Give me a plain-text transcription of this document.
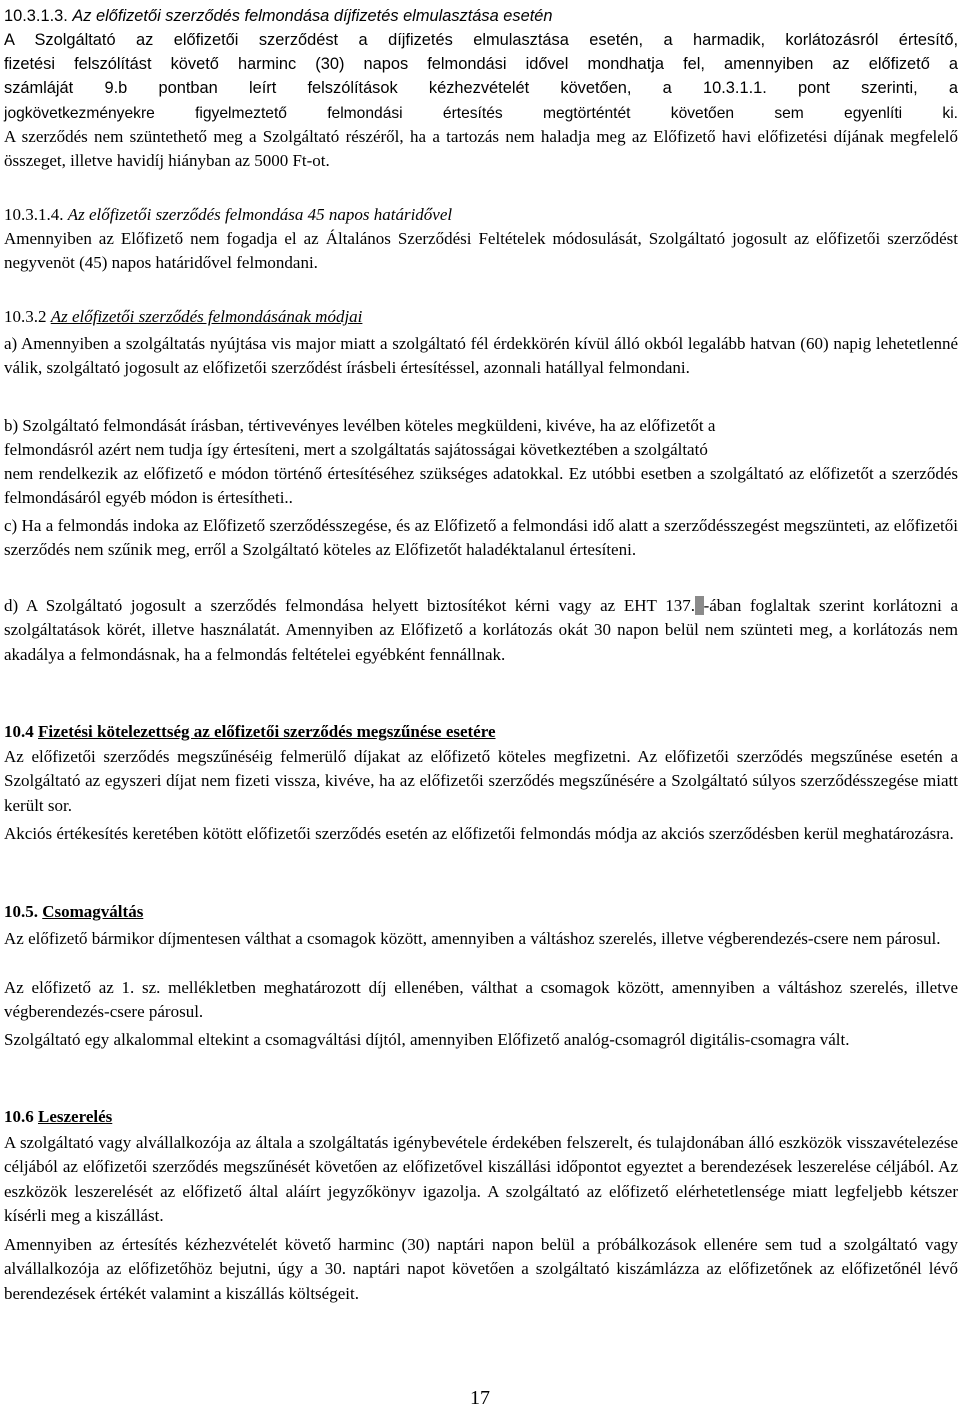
10.3.1.3. Az előfizetői szerződés felmondása díjfizetés elmulasztása esetén

A Szolgáltató az előfizetői szerződést a díjfizetés elmulasztása esetén, a harmadik, korlátozásról értesítő,

fizetési felszólítást követő harminc (30) napos felmondási idővel mondhatja fel, amennyiben az előfizető a

számláját 9.b pontban leírt felszólítások kézhezvételét követően, a 10.3.1.1. pont szerinti, a

jogkövetkezményekre figyelmeztető felmondási értesítés megtörténtét követően sem egyenlíti ki.

A szerződés nem szüntethető meg a Szolgáltató részéről, ha a tartozás nem haladja meg az Előfizető havi előfizetési díjának megfelelő összeget, illetve havidíj hiányban az 5000 Ft-ot.

10.3.1.4. Az előfizetői szerződés felmondása 45 napos határidővel

Amennyiben az Előfizető nem fogadja el az Általános Szerződési Feltételek módosulását, Szolgáltató jogosult az előfizetői szerződést negyvenöt (45) napos határidővel felmondani.

10.3.2 Az előfizetői szerződés felmondásának módjai

a) Amennyiben a szolgáltatás nyújtása vis major miatt a szolgáltató fél érdekkörén kívül álló okból legalább hatvan (60) napig lehetetlenné válik, szolgáltató jogosult az előfizetői szerződést írásbeli értesítéssel, azonnali hatállyal felmondani.

b) Szolgáltató felmondását írásban, tértivevényes levélben köteles megküldeni, kivéve, ha az előfizetőt a

felmondásról azért nem tudja így értesíteni, mert a szolgáltatás sajátosságai következtében a szolgáltató

nem rendelkezik az előfizető e módon történő értesítéséhez szükséges adatokkal. Ez utóbbi esetben a szolgáltató az előfizetőt a szerződés felmondásáról egyéb módon is értesítheti..

c) Ha a felmondás indoka az Előfizető szerződésszegése, és az Előfizető a felmondási idő alatt a szerződésszegést megszünteti, az előfizetői szerződés nem szűnik meg, erről a Szolgáltató köteles az Előfizetőt haladéktalanul értesíteni.

d) A Szolgáltató jogosult a szerződés felmondása helyett biztosítékot kérni vagy az EHT 137. -ában foglaltak szerint korlátozni a szolgáltatások körét, illetve használatát. Amennyiben az Előfizető a korlátozás okát 30 napon belül nem szünteti meg, a korlátozás nem akadálya a felmondásnak, ha a felmondás feltételei egyébként fennállnak.

10.4 Fizetési kötelezettség az előfizetői szerződés megszűnése esetére

Az előfizetői szerződés megszűnéséig felmerülő díjakat az előfizető köteles megfizetni. Az előfizetői szerződés megszűnése esetén a Szolgáltató az egyszeri díjat nem fizeti vissza, kivéve, ha az előfizetői szerződés megszűnésére a Szolgáltató súlyos szerződésszegése miatt került sor.

Akciós értékesítés keretében kötött előfizetői szerződés esetén az előfizetői felmondás módja az akciós szerződésben kerül meghatározásra.

10.5. Csomagváltás

Az előfizető bármikor díjmentesen válthat a csomagok között, amennyiben a váltáshoz szerelés, illetve végberendezés-csere nem párosul.

Az előfizető az 1. sz. mellékletben meghatározott díj ellenében, válthat a csomagok között, amennyiben a váltáshoz szerelés, illetve végberendezés-csere párosul.

Szolgáltató egy alkalommal eltekint a csomagváltási díjtól, amennyiben Előfizető analóg-csomagról digitális-csomagra vált.

10.6 Leszerelés

A szolgáltató vagy alvállalkozója az általa a szolgáltatás igénybevétele érdekében felszerelt, és tulajdonában álló eszközök visszavételezése céljából az előfizetői szerződés megszűnését követően az előfizetővel kiszállási időpontot egyeztet a berendezések leszerelése céljából. Az eszközök leszerelését az előfizető által aláírt jegyzőkönyv igazolja. A szolgáltató az előfizető elérhetetlensége miatt legfeljebb kétszer kísérli meg a kiszállást.

Amennyiben az értesítés kézhezvételét követő harminc (30) naptári napon belül a próbálkozások ellenére sem tud a szolgáltató vagy alvállalkozója az előfizetőhöz bejutni, úgy a 30. naptári napot követően a szolgáltató kiszámlázza az előfizetőnek az előfizetőnél lévő berendezések értékét valamint a kiszállás költségeit.

17
